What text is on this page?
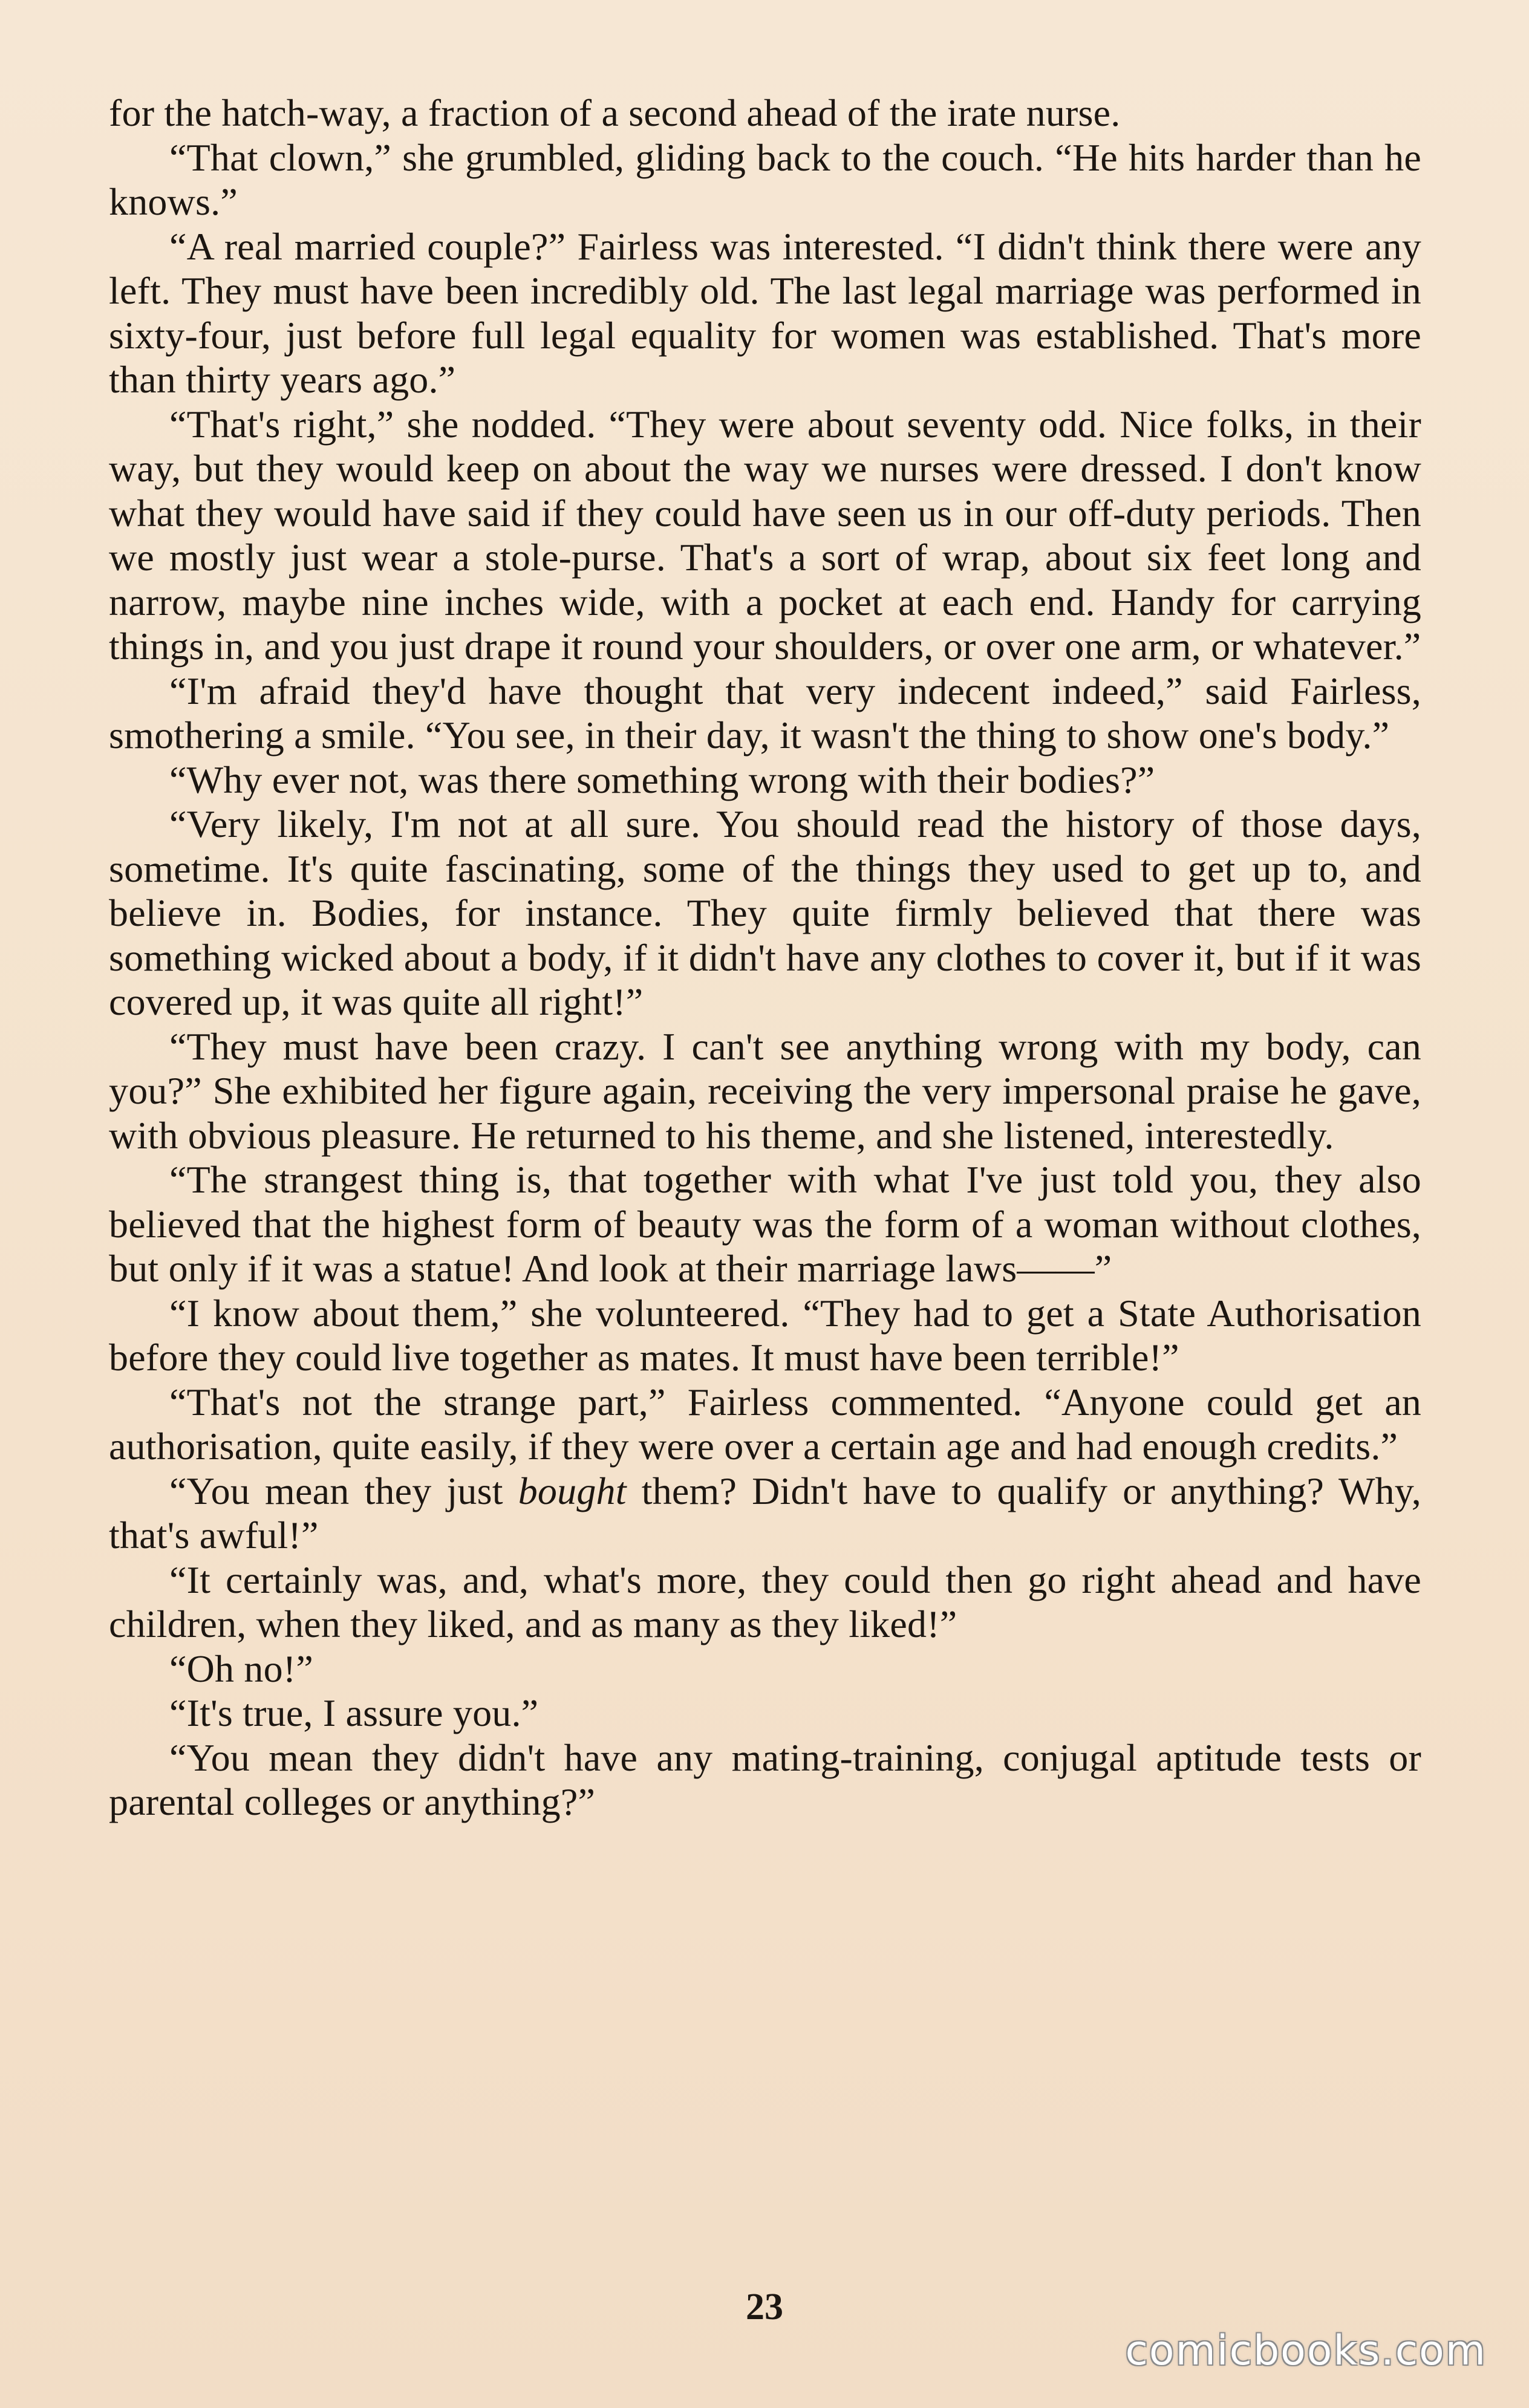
for the hatch-way, a fraction of a second ahead of the irate nurse.

“That clown,” she grumbled, gliding back to the couch. “He hits harder than he knows.”

“A real married couple?” Fairless was interested. “I didn't think there were any left. They must have been incredibly old. The last legal marriage was performed in sixty-four, just before full legal equality for women was established. That's more than thirty years ago.”

“That's right,” she nodded. “They were about seventy odd. Nice folks, in their way, but they would keep on about the way we nurses were dressed. I don't know what they would have said if they could have seen us in our off-duty periods. Then we mostly just wear a stole-purse. That's a sort of wrap, about six feet long and narrow, maybe nine inches wide, with a pocket at each end. Handy for carrying things in, and you just drape it round your shoulders, or over one arm, or whatever.”

“I'm afraid they'd have thought that very indecent indeed,” said Fairless, smothering a smile. “You see, in their day, it wasn't the thing to show one's body.”

“Why ever not, was there something wrong with their bodies?”

“Very likely, I'm not at all sure. You should read the history of those days, sometime. It's quite fascinating, some of the things they used to get up to, and believe in. Bodies, for instance. They quite firmly believed that there was something wicked about a body, if it didn't have any clothes to cover it, but if it was covered up, it was quite all right!”

“They must have been crazy. I can't see anything wrong with my body, can you?” She exhibited her figure again, receiving the very impersonal praise he gave, with obvious pleasure. He returned to his theme, and she listened, interestedly.

“The strangest thing is, that together with what I've just told you, they also believed that the highest form of beauty was the form of a woman without clothes, but only if it was a statue! And look at their marriage laws——”

“I know about them,” she volunteered. “They had to get a State Authorisation before they could live together as mates. It must have been terrible!”

“That's not the strange part,” Fairless commented. “Anyone could get an authorisation, quite easily, if they were over a certain age and had enough credits.”

“You mean they just bought them? Didn't have to qualify or anything? Why, that's awful!”

“It certainly was, and, what's more, they could then go right ahead and have children, when they liked, and as many as they liked!”

“Oh no!”

“It's true, I assure you.”

“You mean they didn't have any mating-training, conjugal aptitude tests or parental colleges or anything?”

23
comicbooks.com
